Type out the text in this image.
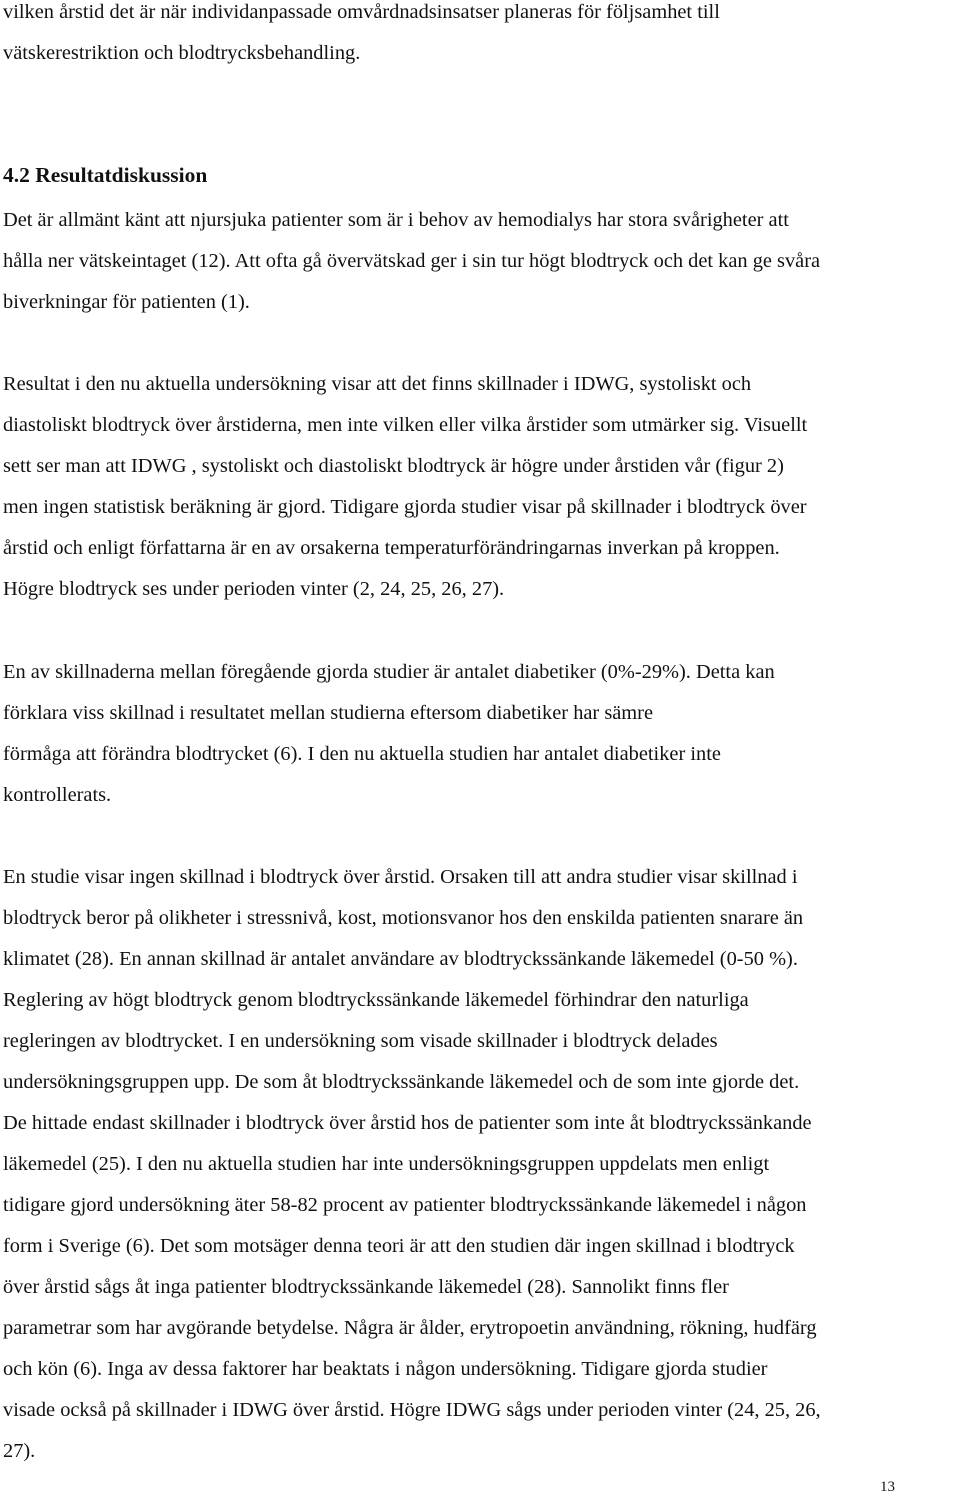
vilken årstid det är när individanpassade omvårdnadsinsatser planeras för följsamhet till
vätskerestriktion och blodtrycksbehandling.
4.2 Resultatdiskussion
Det är allmänt känt att njursjuka patienter som är i behov av hemodialys har stora svårigheter att
hålla ner vätskeintaget (12). Att ofta gå övervätskad ger i sin tur högt blodtryck och det kan ge svåra
biverkningar för patienten (1).
Resultat i den nu aktuella undersökning visar att det finns skillnader i IDWG, systoliskt och
diastoliskt blodtryck över årstiderna, men inte vilken eller vilka årstider som utmärker sig. Visuellt
sett ser man att IDWG , systoliskt och diastoliskt blodtryck är högre under årstiden vår (figur 2)
men ingen statistisk beräkning är gjord. Tidigare gjorda studier visar på skillnader i blodtryck över
årstid och enligt författarna är en av orsakerna temperaturförändringarnas inverkan på kroppen.
Högre blodtryck ses under perioden vinter (2, 24, 25, 26, 27).
En av skillnaderna mellan föregående gjorda studier är antalet diabetiker (0%-29%). Detta kan
förklara viss skillnad i resultatet mellan studierna eftersom diabetiker har sämre
förmåga att förändra blodtrycket (6). I den nu aktuella studien har antalet diabetiker inte
kontrollerats.
En studie visar ingen skillnad i blodtryck över årstid. Orsaken till att andra studier visar skillnad i
blodtryck beror på olikheter i stressnivå, kost, motionsvanor hos den enskilda patienten snarare än
klimatet (28). En annan skillnad är antalet användare av blodtryckssänkande läkemedel (0-50 %).
Reglering av högt blodtryck genom blodtryckssänkande läkemedel förhindrar den naturliga
regleringen av blodtrycket. I en undersökning som visade skillnader i blodtryck delades
undersökningsgruppen upp. De som åt blodtryckssänkande läkemedel och de som inte gjorde det.
De hittade endast skillnader i blodtryck över årstid hos de patienter som inte åt blodtryckssänkande
läkemedel (25). I den nu aktuella studien har inte undersökningsgruppen uppdelats men enligt
tidigare gjord undersökning äter 58-82 procent av patienter blodtryckssänkande läkemedel i någon
form i Sverige (6). Det som motsäger denna teori är att den studien där ingen skillnad i blodtryck
över årstid sågs åt inga patienter blodtryckssänkande läkemedel (28). Sannolikt finns fler
parametrar som har avgörande betydelse. Några är ålder, erytropoetin användning, rökning, hudfärg
och kön (6). Inga av dessa faktorer har beaktats i någon undersökning. Tidigare gjorda studier
visade också på skillnader i IDWG över årstid. Högre IDWG sågs under perioden vinter (24, 25, 26,
27).
13
